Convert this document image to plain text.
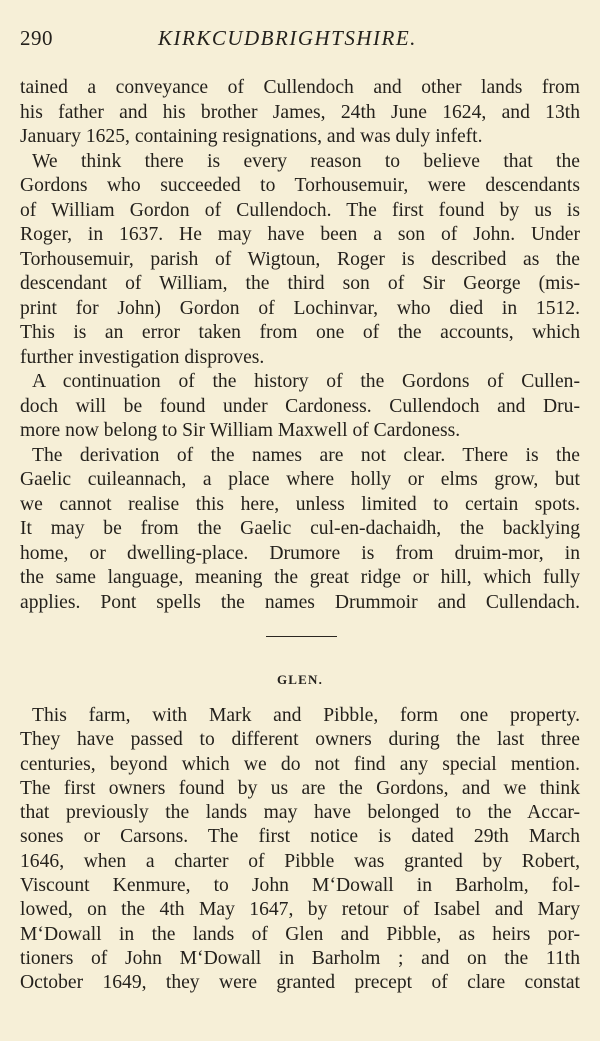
290	KIRKCUDBRIGHTSHIRE.
tained a conveyance of Cullendoch and other lands from
his father and his brother James, 24th June 1624, and 13th
January 1625, containing resignations, and was duly infeft.
We think there is every reason to believe that the
Gordons who succeeded to Torhousemuir, were descendants
of William Gordon of Cullendoch. The first found by us is
Roger, in 1637. He may have been a son of John. Under
Torhousemuir, parish of Wigtoun, Roger is described as the
descendant of William, the third son of Sir George (mis-
print for John) Gordon of Lochinvar, who died in 1512.
This is an error taken from one of the accounts, which
further investigation disproves.
A continuation of the history of the Gordons of Cullen-
doch will be found under Cardoness. Cullendoch and Dru-
more now belong to Sir William Maxwell of Cardoness.
The derivation of the names are not clear. There is the
Gaelic cuileannach, a place where holly or elms grow, but
we cannot realise this here, unless limited to certain spots.
It may be from the Gaelic cul-en-dachaidh, the backlying
home, or dwelling-place. Drumore is from druim-mor, in
the same language, meaning the great ridge or hill, which fully
applies. Pont spells the names Drummoir and Cullendach.
GLEN.
This farm, with Mark and Pibble, form one property.
They have passed to different owners during the last three
centuries, beyond which we do not find any special mention.
The first owners found by us are the Gordons, and we think
that previously the lands may have belonged to the Accar-
sones or Carsons. The first notice is dated 29th March
1646, when a charter of Pibble was granted by Robert,
Viscount Kenmure, to John M‘Dowall in Barholm, fol-
lowed, on the 4th May 1647, by retour of Isabel and Mary
M‘Dowall in the lands of Glen and Pibble, as heirs por-
tioners of John M‘Dowall in Barholm ; and on the 11th
October 1649, they were granted precept of clare constat
